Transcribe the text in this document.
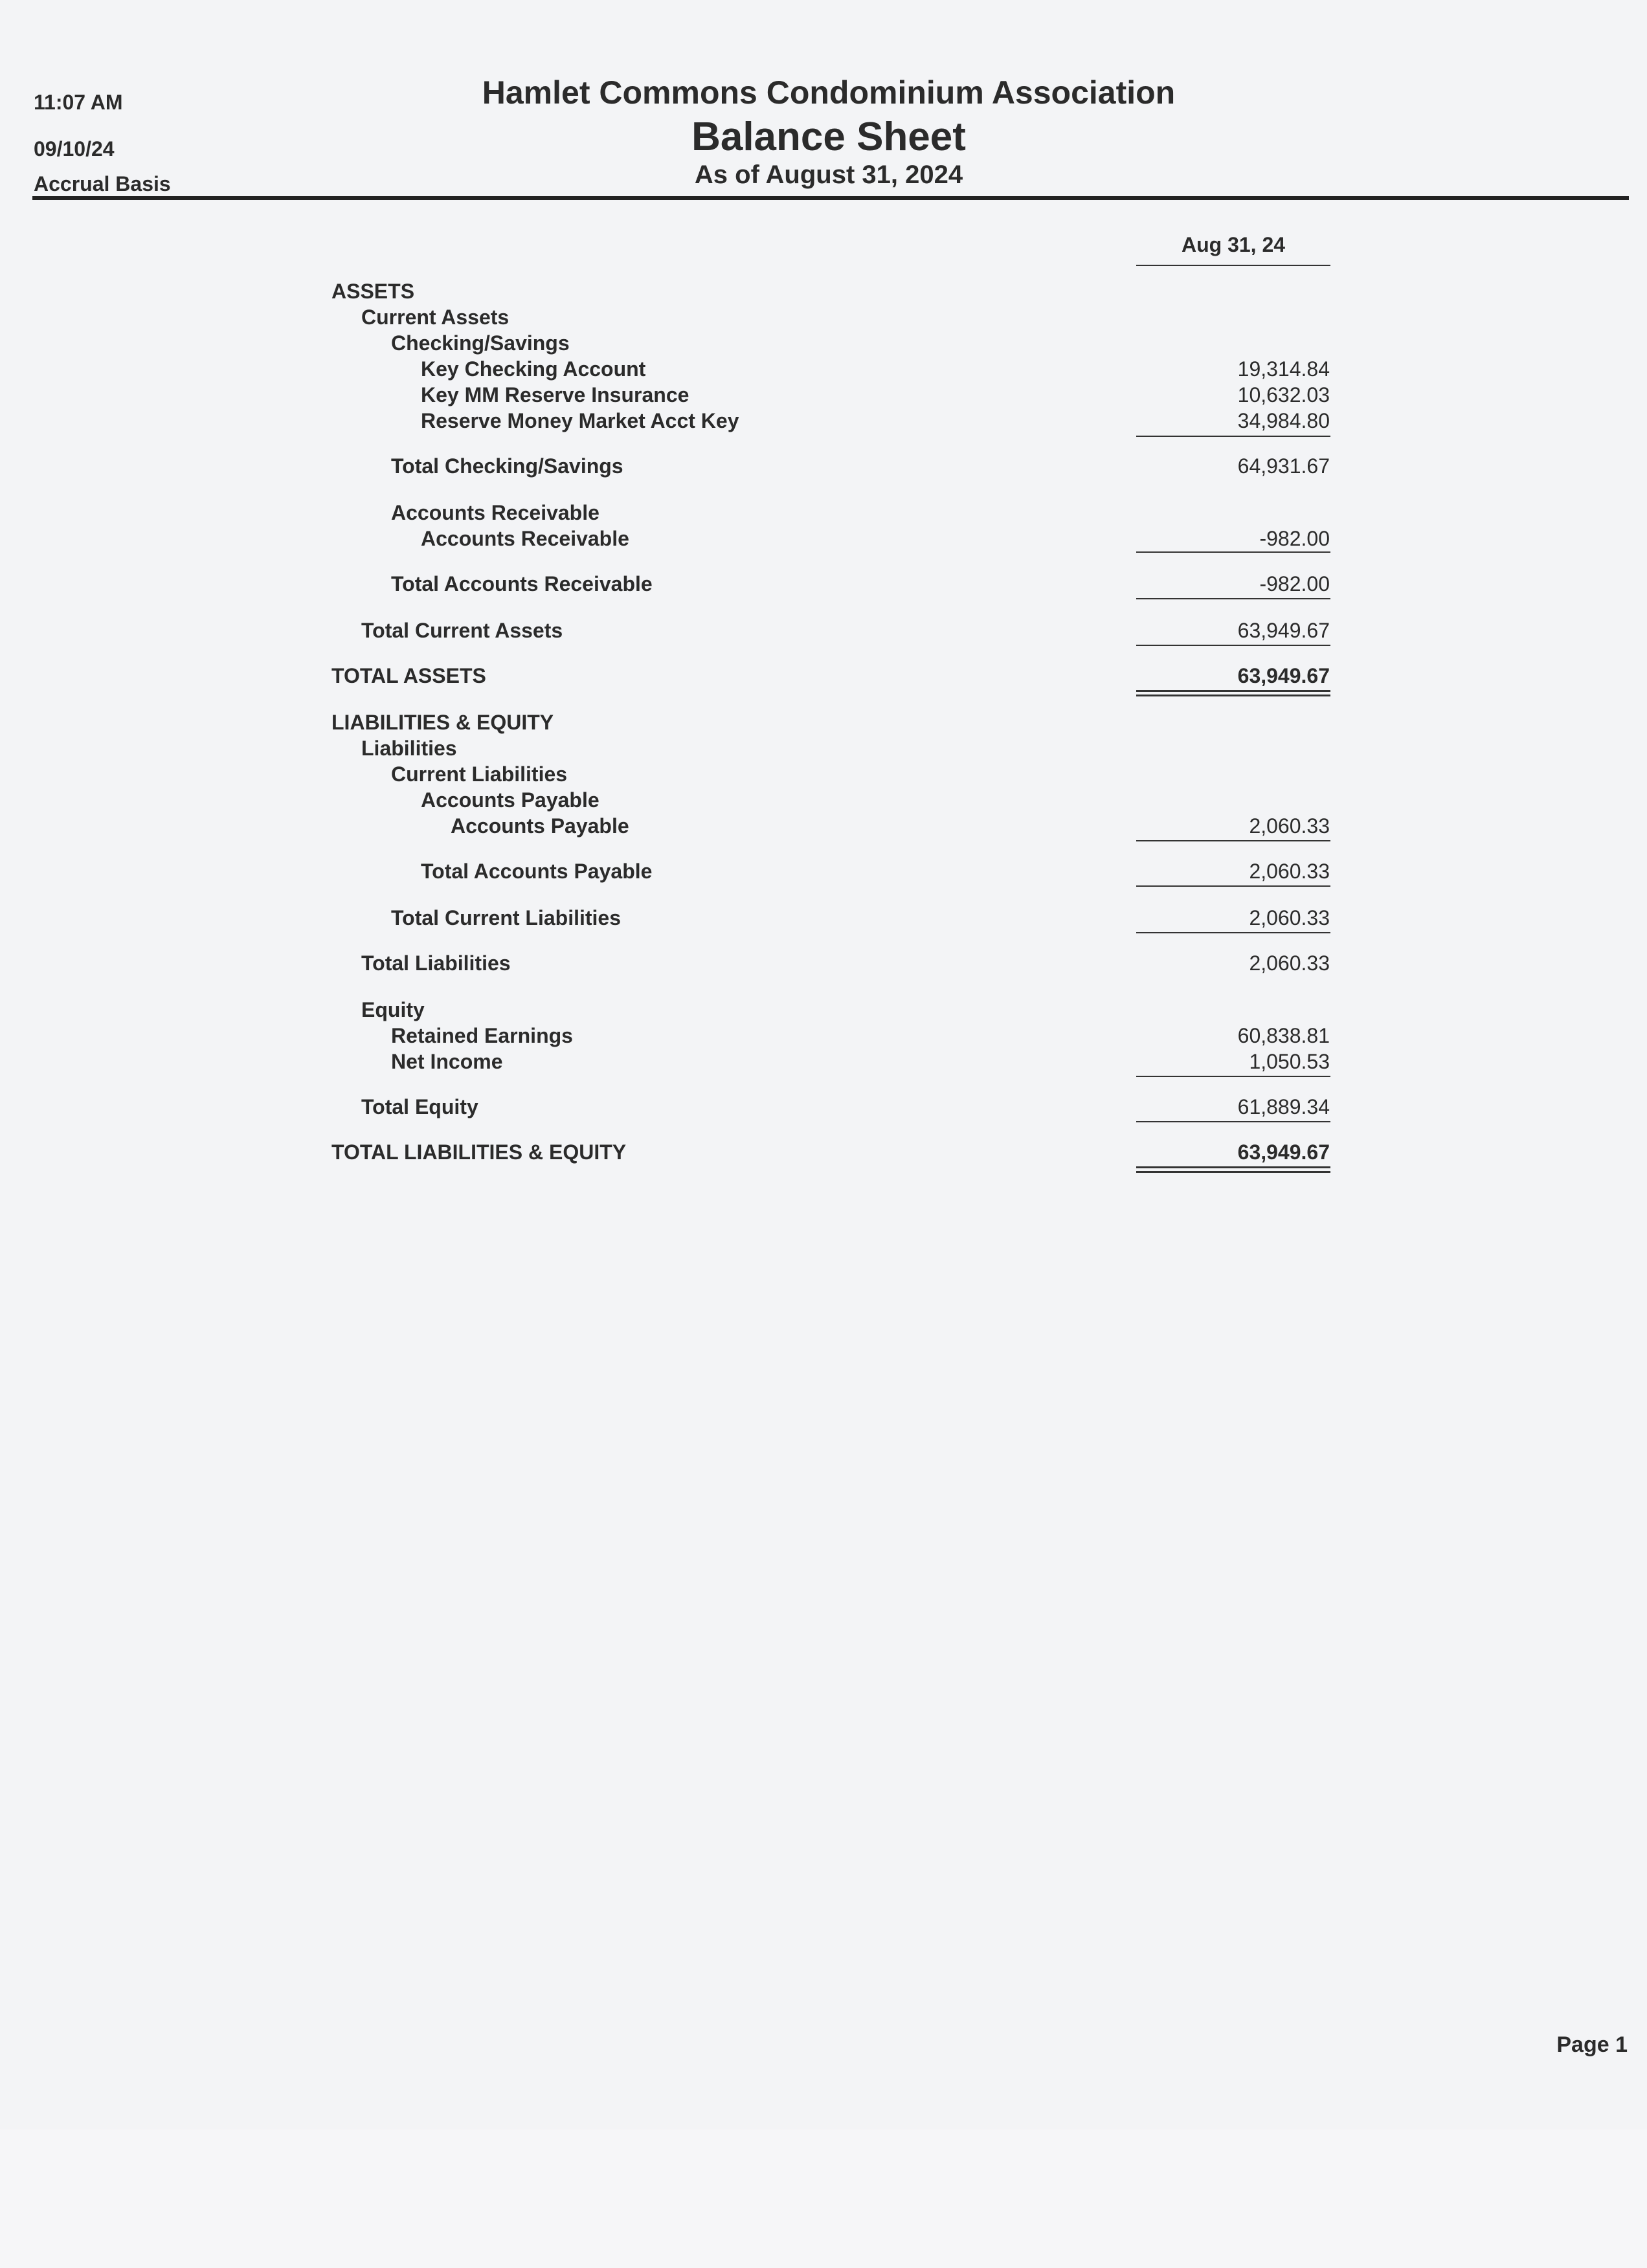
11:07 AM
09/10/24
Accrual Basis
Hamlet Commons Condominium Association
Balance Sheet
As of August 31, 2024
Aug 31, 24
ASSETS
Current Assets
Checking/Savings
Key Checking Account	19,314.84
Key MM Reserve Insurance	10,632.03
Reserve Money Market Acct Key	34,984.80
Total Checking/Savings	64,931.67
Accounts Receivable
Accounts Receivable	-982.00
Total Accounts Receivable	-982.00
Total Current Assets	63,949.67
TOTAL ASSETS	63,949.67
LIABILITIES & EQUITY
Liabilities
Current Liabilities
Accounts Payable
Accounts Payable	2,060.33
Total Accounts Payable	2,060.33
Total Current Liabilities	2,060.33
Total Liabilities	2,060.33
Equity
Retained Earnings	60,838.81
Net Income	1,050.53
Total Equity	61,889.34
TOTAL LIABILITIES & EQUITY	63,949.67
Page 1
